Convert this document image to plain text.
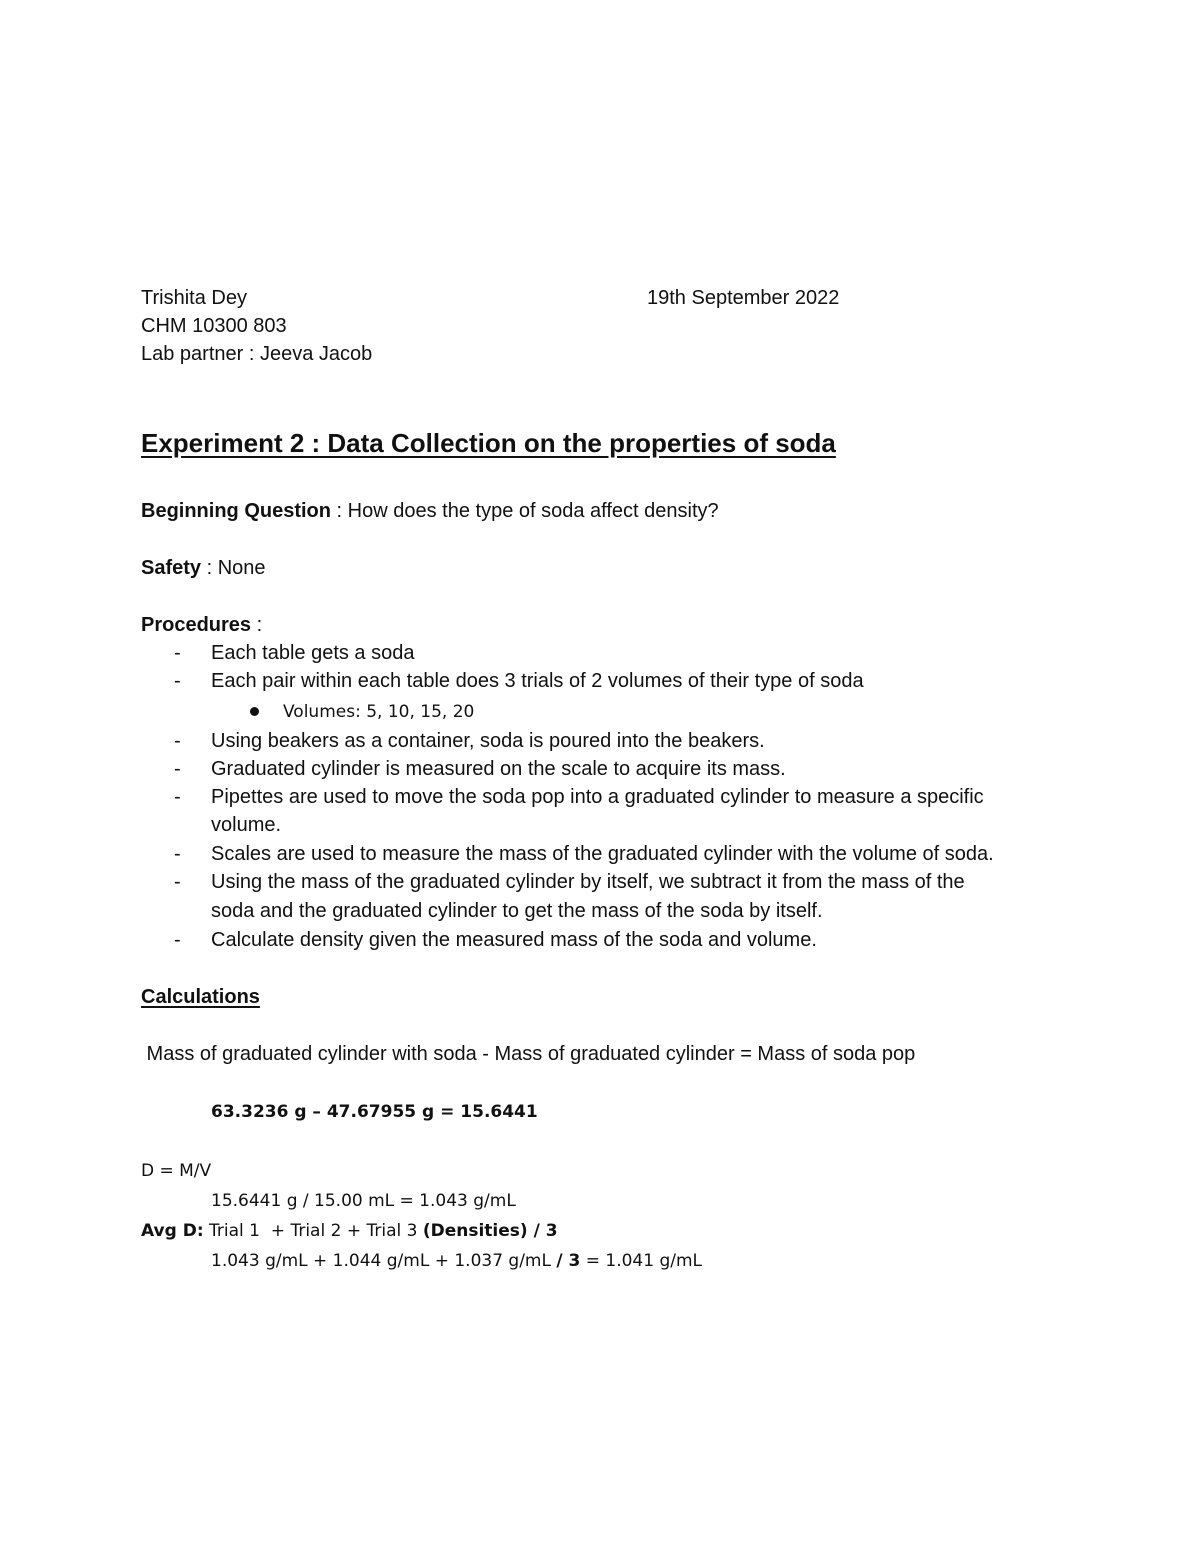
Trishita Dey	19th September 2022
CHM 10300 803
Lab partner : Jeeva Jacob
Experiment 2 : Data Collection on the properties of soda
Beginning Question : How does the type of soda affect density?
Safety : None
Procedures :
- Each table gets a soda
- Each pair within each table does 3 trials of 2 volumes of their type of soda
Volumes: 5, 10, 15, 20
- Using beakers as a container, soda is poured into the beakers.
- Graduated cylinder is measured on the scale to acquire its mass.
- Pipettes are used to move the soda pop into a graduated cylinder to measure a specific
volume.
- Scales are used to measure the mass of the graduated cylinder with the volume of soda.
- Using the mass of the graduated cylinder by itself, we subtract it from the mass of the
soda and the graduated cylinder to get the mass of the soda by itself.
- Calculate density given the measured mass of the soda and volume.
Calculations
Mass of graduated cylinder with soda - Mass of graduated cylinder = Mass of soda pop
63.3236 g – 47.67955 g = 15.6441
D = M/V
15.6441 g / 15.00 mL = 1.043 g/mL
Avg D: Trial 1  + Trial 2 + Trial 3 (Densities) / 3
1.043 g/mL + 1.044 g/mL + 1.037 g/mL / 3 = 1.041 g/mL
